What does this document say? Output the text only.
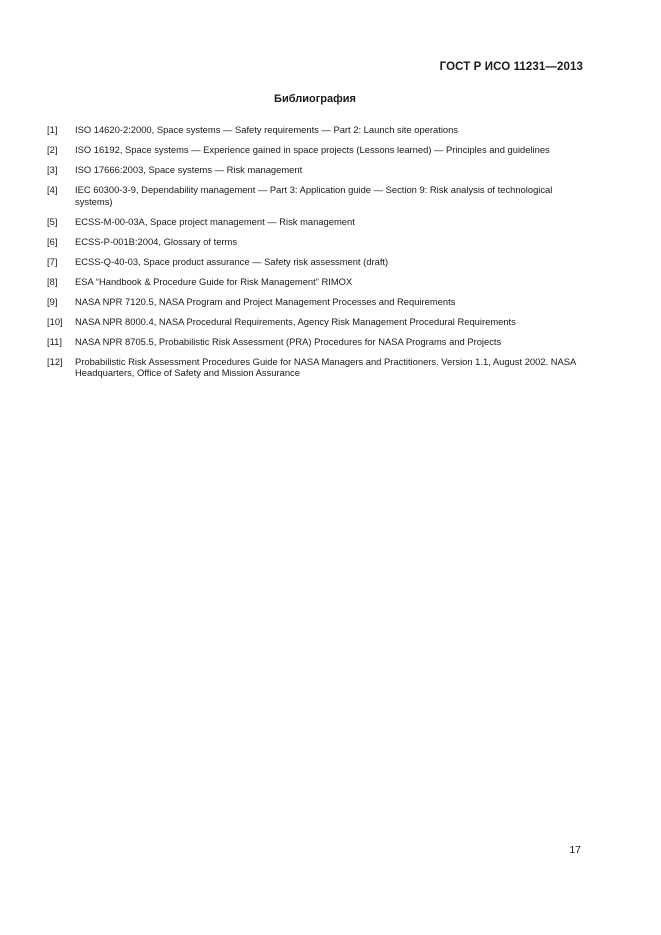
ГОСТ Р ИСО 11231—2013
Библиография
[1]	ISO 14620-2:2000, Space systems — Safety requirements — Part 2: Launch site operations
[2]	ISO 16192, Space systems — Experience gained in space projects (Lessons learned) — Principles and guidelines
[3]	ISO 17666:2003, Space systems — Risk management
[4]	IEC 60300-3-9, Dependability management — Part 3: Application guide — Section 9: Risk analysis of technological systems)
[5]	ECSS-M-00-03A, Space project management — Risk management
[6]	ECSS-P-001B:2004, Glossary of terms
[7]	ECSS-Q-40-03, Space product assurance — Safety risk assessment (draft)
[8]	ESA “Handbook & Procedure Guide for Risk Management” RIMOX
[9]	NASA NPR 7120.5, NASA Program and Project Management Processes and Requirements
[10]	NASA NPR 8000.4, NASA Procedural Requirements, Agency Risk Management Procedural Requirements
[11]	NASA NPR 8705.5, Probabilistic Risk Assessment (PRA) Procedures for NASA Programs and Projects
[12]	Probabilistic Risk Assessment Procedures Guide for NASA Managers and Practitioners. Version 1.1, August 2002. NASA Headquarters, Office of Safety and Mission Assurance
17
